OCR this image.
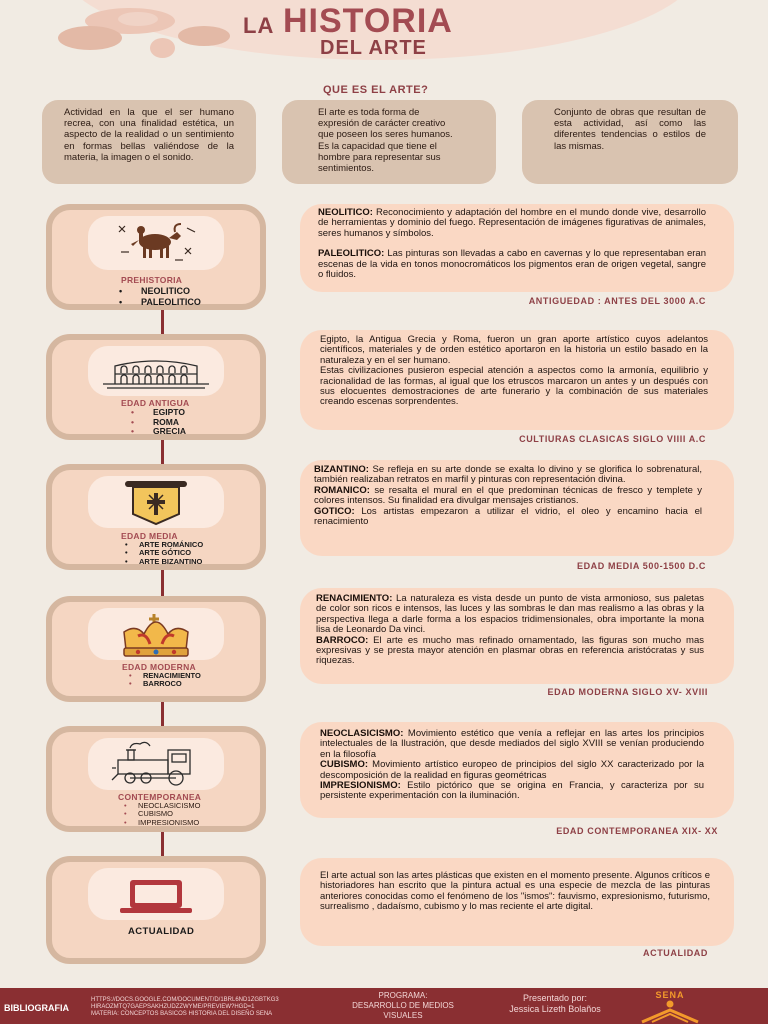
LA HISTORIA
DEL ARTE
QUE ES EL ARTE?
Actividad en la que el ser humano recrea, con una finalidad estética, un aspecto de la realidad o un sentimiento en formas bellas valiéndose de la materia, la imagen o el sonido.
El arte es toda forma de expresión de carácter creativo que poseen los seres humanos. Es la capacidad que tiene el hombre para representar sus sentimientos.
Conjunto de obras que resultan de esta actividad, así como las diferentes tendencias o estilos de las mismas.
PREHISTORIA
• NEOLITICO
• PALEOLITICO

NEOLITICO: Reconocimiento y adaptación del hombre en el mundo donde vive, desarrollo de herramientas y dominio del fuego. Representación de imágenes figurativas de animales, seres humanos y símbolos.

PALEOLITICO: Las pinturas son llevadas a cabo en cavernas y lo que representaban eran escenas de la vida en tonos monocromáticos los pigmentos eran de origen vegetal, sangre o fluidos.

ANTIGUEDAD : ANTES DEL 3000 A.C
EDAD ANTIGUA
• EGIPTO
• ROMA
• GRECIA

Egipto, la Antigua Grecia y Roma, fueron un gran aporte artístico cuyos adelantos científicos, materiales y de orden estético aportaron en la historia un estilo basado en la naturaleza y en el ser humano.

Estas civilizaciones pusieron especial atención a aspectos como la armonía, equilibrio y racionalidad de las formas, al igual que los etruscos marcaron un antes y un después con sus elocuentes demostraciones de arte funerario y la combinación de sus materiales creando escenas sorprendentes.

CULTIURAS CLASICAS SIGLO VIIII A.C
EDAD MEDIA
• ARTE ROMÁNICO
• ARTE GÓTICO
• ARTE BIZANTINO

BIZANTINO: Se refleja en su arte donde se exalta lo divino y se glorifica lo sobrenatural, también realizaban retratos en marfil y pinturas con representación divina.

ROMANICO: se resalta el mural en el que predominan técnicas de fresco y templete y colores intensos. Su finalidad era divulgar mensajes cristianos.

GOTICO: Los artistas empezaron a utilizar el vidrio, el oleo y encamino hacia el renacimiento

EDAD MEDIA 500-1500 D.C
EDAD MODERNA
• RENACIMIENTO
• BARROCO

RENACIMIENTO: La naturaleza es vista desde un punto de vista armonioso, sus paletas de color son ricos e intensos, las luces y las sombras le dan mas realismo a las obras y la perspectiva llega a darle forma a los espacios tridimensionales, obra importante la mona lisa de Leonardo Da vinci.

BARROCO: El arte es mucho mas refinado ornamentado, las figuras son mucho mas expresivas y se presta mayor atención en plasmar obras en referencia aristócratas y sus riquezas.

EDAD MODERNA SIGLO XV- XVIII
CONTEMPORANEA
• NEOCLASICISMO
• CUBISMO
• IMPRESIONISMO

NEOCLASICISMO: Movimiento estético que venía a reflejar en las artes los principios intelectuales de la Ilustración, que desde mediados del siglo XVIII se venían produciendo en la filosofía

CUBISMO: Movimiento artístico europeo de principios del siglo XX caracterizado por la descomposición de la realidad en figuras geométricas

IMPRESIONISMO: Estilo pictórico que se origina en Francia, y caracteriza por su persistente experimentación con la iluminación.

EDAD CONTEMPORANEA XIX- XX
ACTUALIDAD

El arte actual son las artes plásticas que existen en el momento presente. Algunos críticos e historiadores han escrito que la pintura actual es una especie de mezcla de las pinturas anteriores conocidas como el fenómeno de los "ismos": fauvismo, expresionismo, futurismo, surrealismo , dadaísmo, cubismo y lo mas reciente el arte digital.

ACTUALIDAD
BIBLIOGRAFIA
HTTPS://DOCS.GOOGLE.COM/DOCUMENT/D/1BRL6ND1ZGBTKG3 HIRAOZMTQ7GAEPSAKHZUDZZWYME/PREVIEW?HGD=1
MATERIA: CONCEPTOS BASICOS HISTORIA DEL DISEÑO SENA
PROGRAMA:
DESARROLLO DE MEDIOS VISUALES
Presentado por:
Jessica Lizeth Bolaños
SENA
